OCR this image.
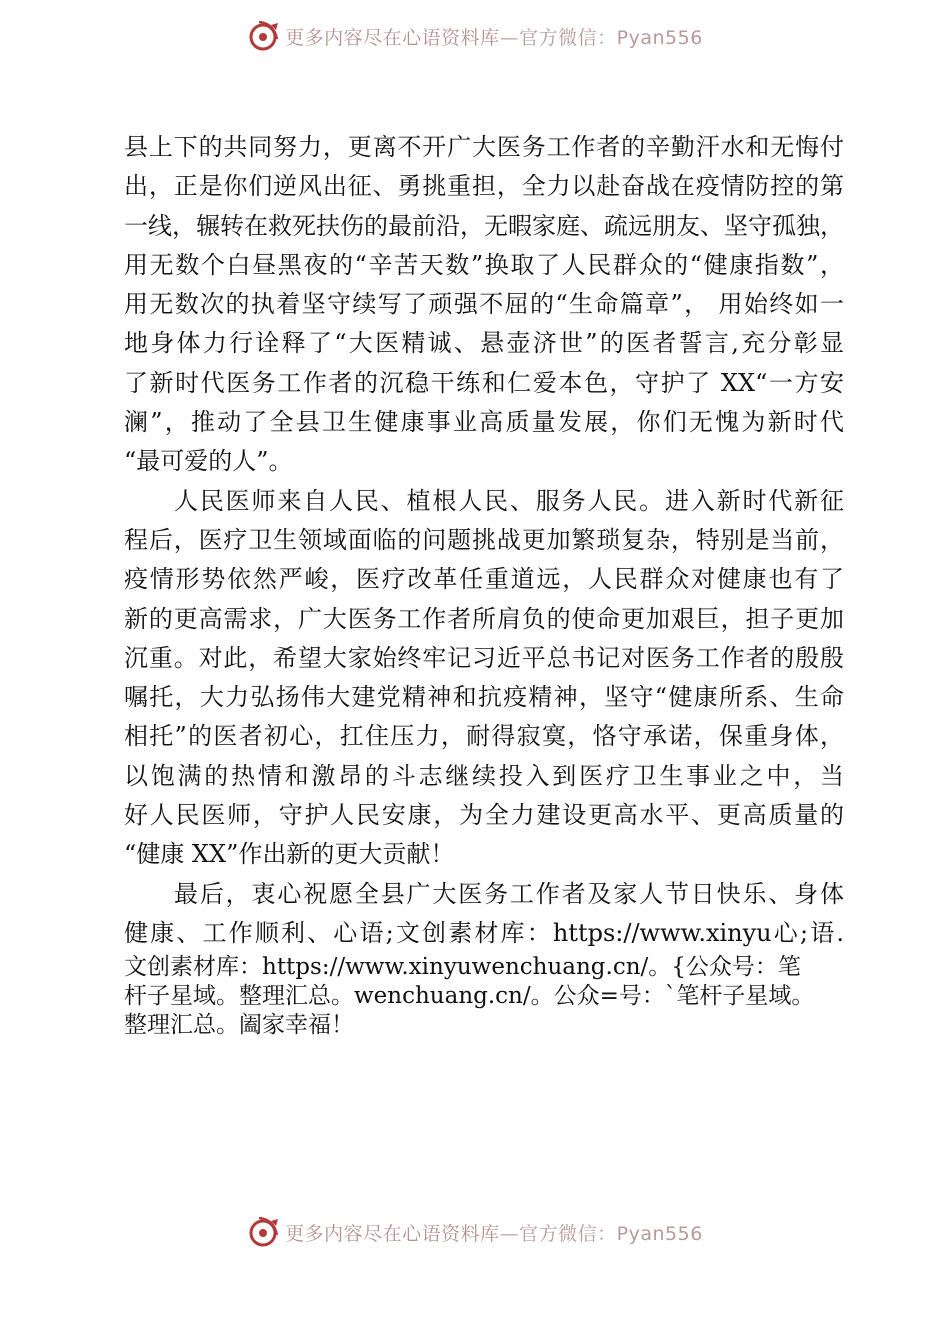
更多内容尽在心语资料库—官方微信：Pyan556
县上下的共同努力，更离不开广大医务工作者的辛勤汗水和无悔付
出，正是你们逆风出征、勇挑重担，全力以赴奋战在疫情防控的第
一线，辗转在救死扶伤的最前沿，无暇家庭、疏远朋友、坚守孤独，
用无数个白昼黑夜的“辛苦天数”换取了人民群众的“健康指数”，
用无数次的执着坚守续写了顽强不屈的“生命篇章”， 用始终如一
地身体力行诠释了“大医精诚、悬壶济世”的医者誓言,充分彰显
了新时代医务工作者的沉稳干练和仁爱本色，守护了 XX“一方安
澜”，推动了全县卫生健康事业高质量发展，你们无愧为新时代
“最可爱的人”。
人民医师来自人民、植根人民、服务人民。进入新时代新征
程后，医疗卫生领域面临的问题挑战更加繁琐复杂，特别是当前，
疫情形势依然严峻，医疗改革任重道远，人民群众对健康也有了
新的更高需求，广大医务工作者所肩负的使命更加艰巨，担子更加
沉重。对此，希望大家始终牢记习近平总书记对医务工作者的殷殷
嘱托，大力弘扬伟大建党精神和抗疫精神，坚守“健康所系、生命
相托”的医者初心，扛住压力，耐得寂寞，恪守承诺，保重身体，
以饱满的热情和激昂的斗志继续投入到医疗卫生事业之中，当
好人民医师，守护人民安康，为全力建设更高水平、更高质量的
“健康 XX”作出新的更大贡献！
最后，衷心祝愿全县广大医务工作者及家人节日快乐、身体
健康、工作顺利、心语;文创素材库：https://www.xinyu心;语.
文创素材库：https://www.xinyuwenchuang.cn/。{公众号：笔
杆子星域。整理汇总。wenchuang.cn/。公众=号：`笔杆子星域。
整理汇总。阖家幸福！
更多内容尽在心语资料库—官方微信：Pyan556
